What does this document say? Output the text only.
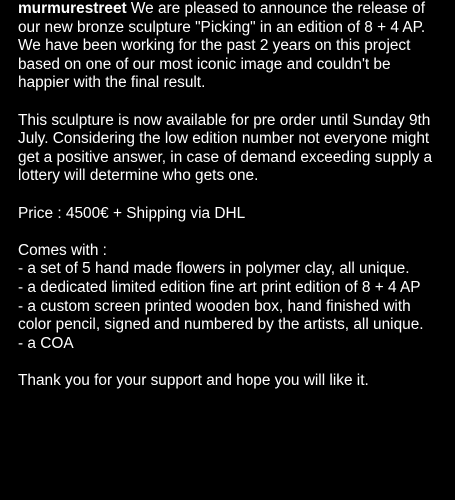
murmurestreet We are pleased to announce the release of our new bronze sculpture "Picking" in an edition of 8 + 4 AP. We have been working for the past 2 years on this project based on one of our most iconic image and couldn't be happier with the final result.

This sculpture is now available for pre order until Sunday 9th July. Considering the low edition number not everyone might get a positive answer, in case of demand exceeding supply a lottery will determine who gets one.

Price : 4500€ + Shipping via DHL

Comes with :
- a set of 5 hand made flowers in polymer clay, all unique.
- a dedicated limited edition fine art print edition of 8 + 4 AP
- a custom screen printed wooden box, hand finished with color pencil, signed and numbered by the artists, all unique.
- a COA

Thank you for your support and hope you will like it.
